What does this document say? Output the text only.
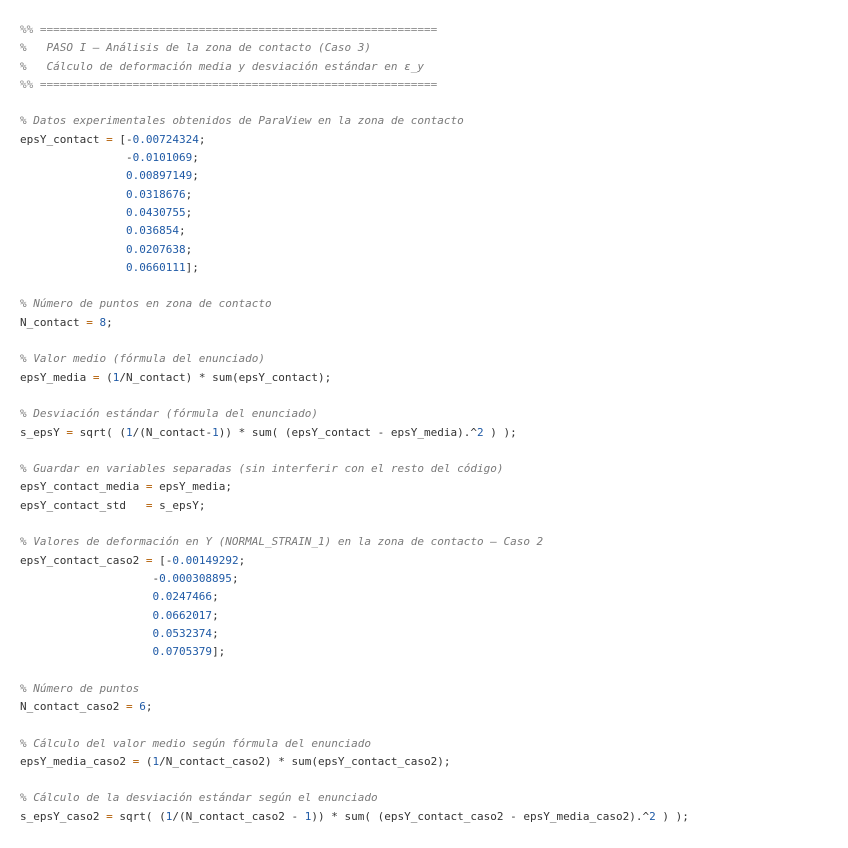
%% ============================================================
%   PASO I — Análisis de la zona de contacto (Caso 3)
%   Cálculo de deformación media y desviación estándar en ε_y
%% ============================================================
% Datos experimentales obtenidos de ParaView en la zona de contacto
epsY_contact = [-0.00724324;
-0.0101069;
0.00897149;
0.0318676;
0.0430755;
0.036854;
0.0207638;
0.0660111];
% Número de puntos en zona de contacto
N_contact = 8;
% Valor medio (fórmula del enunciado)
epsY_media = (1/N_contact) * sum(epsY_contact);
% Desviación estándar (fórmula del enunciado)
s_epsY = sqrt( (1/(N_contact-1)) * sum( (epsY_contact - epsY_media).^2 ) );
% Guardar en variables separadas (sin interferir con el resto del código)
epsY_contact_media = epsY_media;
epsY_contact_std   = s_epsY;
% Valores de deformación en Y (NORMAL_STRAIN_1) en la zona de contacto — Caso 2
epsY_contact_caso2 = [-0.00149292;
-0.000308895;
0.0247466;
0.0662017;
0.0532374;
0.0705379];
% Número de puntos
N_contact_caso2 = 6;
% Cálculo del valor medio según fórmula del enunciado
epsY_media_caso2 = (1/N_contact_caso2) * sum(epsY_contact_caso2);
% Cálculo de la desviación estándar según el enunciado
s_epsY_caso2 = sqrt( (1/(N_contact_caso2 - 1)) * sum( (epsY_contact_caso2 - epsY_media_caso2).^2 ) );
